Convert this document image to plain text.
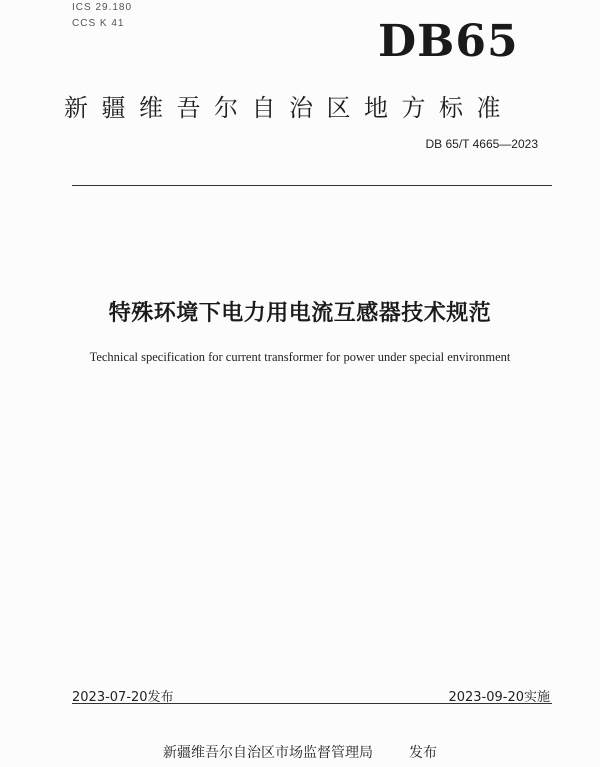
ICS 29.180
CCS K 41	DB65
新疆维吾尔自治区地方标准
DB 65/T 4665—2023
特殊环境下电力用电流互感器技术规范
Technical specification for current transformer for power under special environment
2023-07-20发布	2023-09-20实施
新疆维吾尔自治区市场监督管理局	发布
